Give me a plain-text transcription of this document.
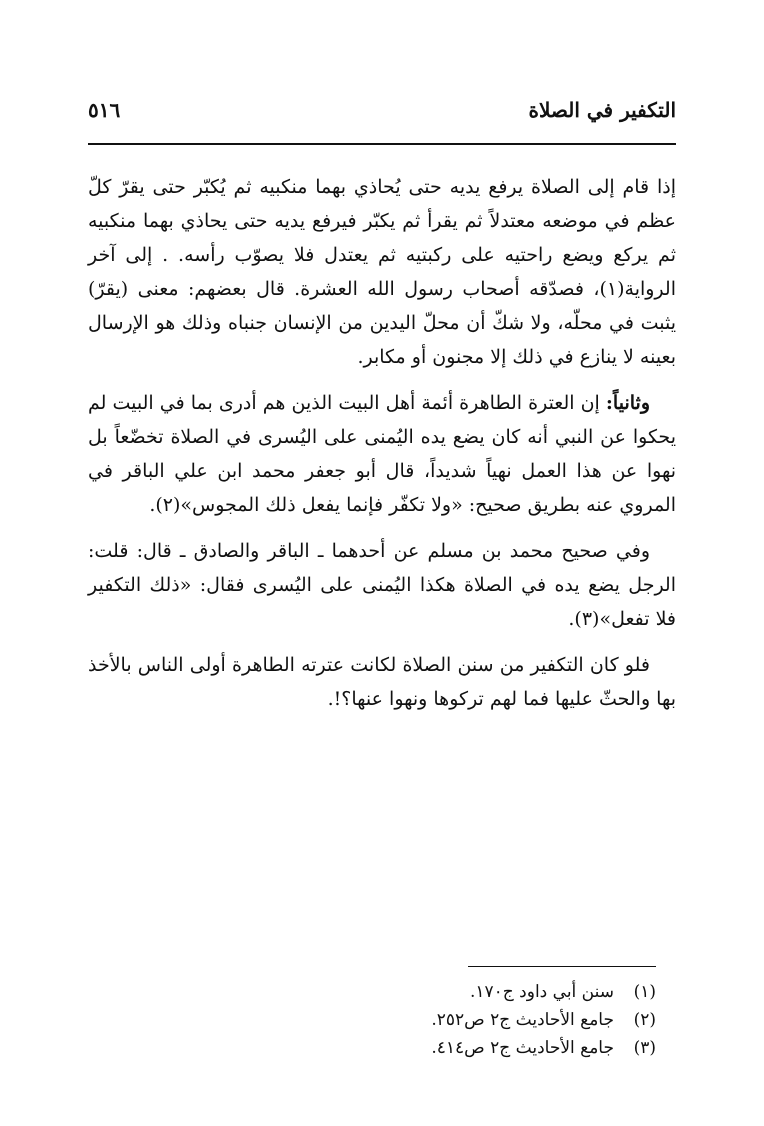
التكفير في الصلاة
٥١٦

إذا قام إلى الصلاة يرفع يديه حتى يُحاذي بهما منكبيه ثم يُكبّر حتى يقرّ كلّ عظم في موضعه معتدلاً ثم يقرأ ثم يكبّر فيرفع يديه حتى يحاذي بهما منكبيه ثم يركع ويضع راحتيه على ركبتيه ثم يعتدل فلا يصوّب رأسه. . إلى آخر الرواية(١)، فصدّقه أصحاب رسول الله العشرة. قال بعضهم: معنى (يقرّ) يثبت في محلّه، ولا شكّ أن محلّ اليدين من الإنسان جنباه وذلك هو الإرسال بعينه لا ينازع في ذلك إلا مجنون أو مكابر.

وثانياً: إن العترة الطاهرة أئمة أهل البيت الذين هم أدرى بما في البيت لم يحكوا عن النبي أنه كان يضع يده اليُمنى على اليُسرى في الصلاة تخضّعاً بل نهوا عن هذا العمل نهياً شديداً، قال أبو جعفر محمد ابن علي الباقر في المروي عنه بطريق صحيح: «ولا تكفّر فإنما يفعل ذلك المجوس»(٢).

وفي صحيح محمد بن مسلم عن أحدهما ـ الباقر والصادق ـ قال: قلت: الرجل يضع يده في الصلاة هكذا اليُمنى على اليُسرى فقال: «ذلك التكفير فلا تفعل»(٣).

فلو كان التكفير من سنن الصلاة لكانت عترته الطاهرة أولى الناس بالأخذ بها والحثّ عليها فما لهم تركوها ونهوا عنها؟!.

(١)
سنن أبي داود ج١٧٠.
(٢)
جامع الأحاديث ج٢ ص٢٥٢.
(٣)
جامع الأحاديث ج٢ ص٤١٤.
